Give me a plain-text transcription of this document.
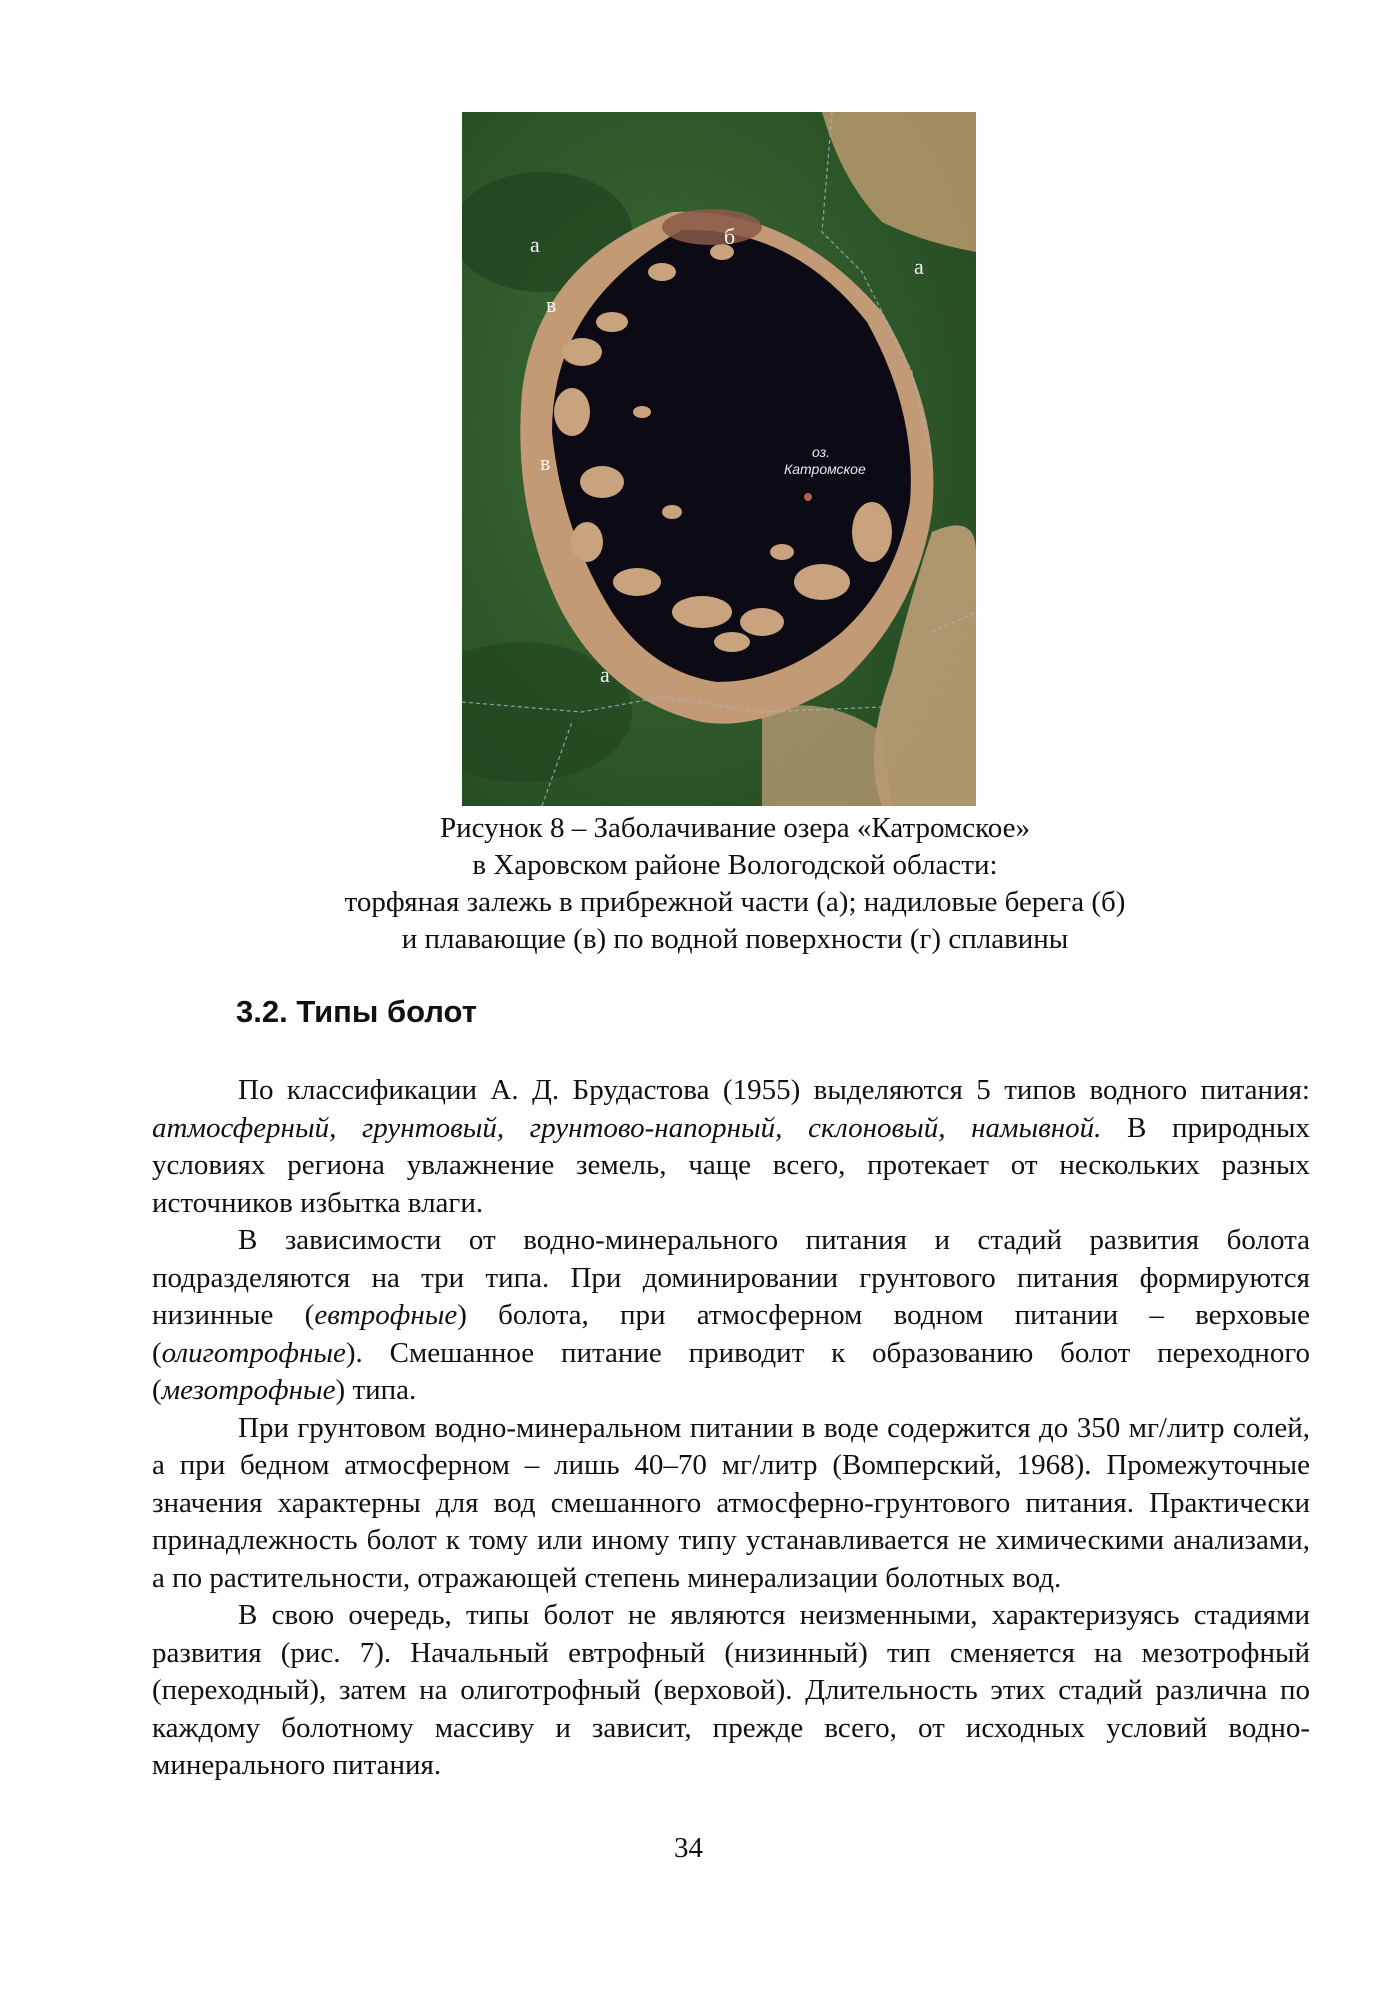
а	б
а
в
в
а
оз.
Катромское
Рисунок 8 – Заболачивание озера «Катромское»
в Харовском районе Вологодской области:
торфяная залежь в прибрежной части (а); надиловые берега (б)
и плавающие (в) по водной поверхности (г) сплавины
3.2. Типы болот

По классификации А. Д. Брудастова (1955) выделяются 5 типов водного питания: атмосферный, грунтовый, грунтово-напорный, склоновый, намывной. В природных условиях региона увлажнение земель, чаще всего, протекает от нескольких разных источников избытка влаги.

В зависимости от водно-минерального питания и стадий развития болота подразделяются на три типа. При доминировании грунтового питания формируются низинные (евтрофные) болота, при атмосферном водном питании – верховые (олиготрофные). Смешанное питание приводит к образованию болот переходного (мезотрофные) типа.

При грунтовом водно-минеральном питании в воде содержится до 350 мг/литр солей, а при бедном атмосферном – лишь 40–70 мг/литр (Вомперский, 1968). Промежуточные значения характерны для вод смешанного атмосферно-грунтового питания. Практически принадлежность болот к тому или иному типу устанавливается не химическими анализами, а по растительности, отражающей степень минерализации болотных вод.

В свою очередь, типы болот не являются неизменными, характеризуясь стадиями развития (рис. 7). Начальный евтрофный (низинный) тип сменяется на мезотрофный (переходный), затем на олиготрофный (верховой). Длительность этих стадий различна по каждому болотному массиву и зависит, прежде всего, от исходных условий водно-минерального питания.

34
